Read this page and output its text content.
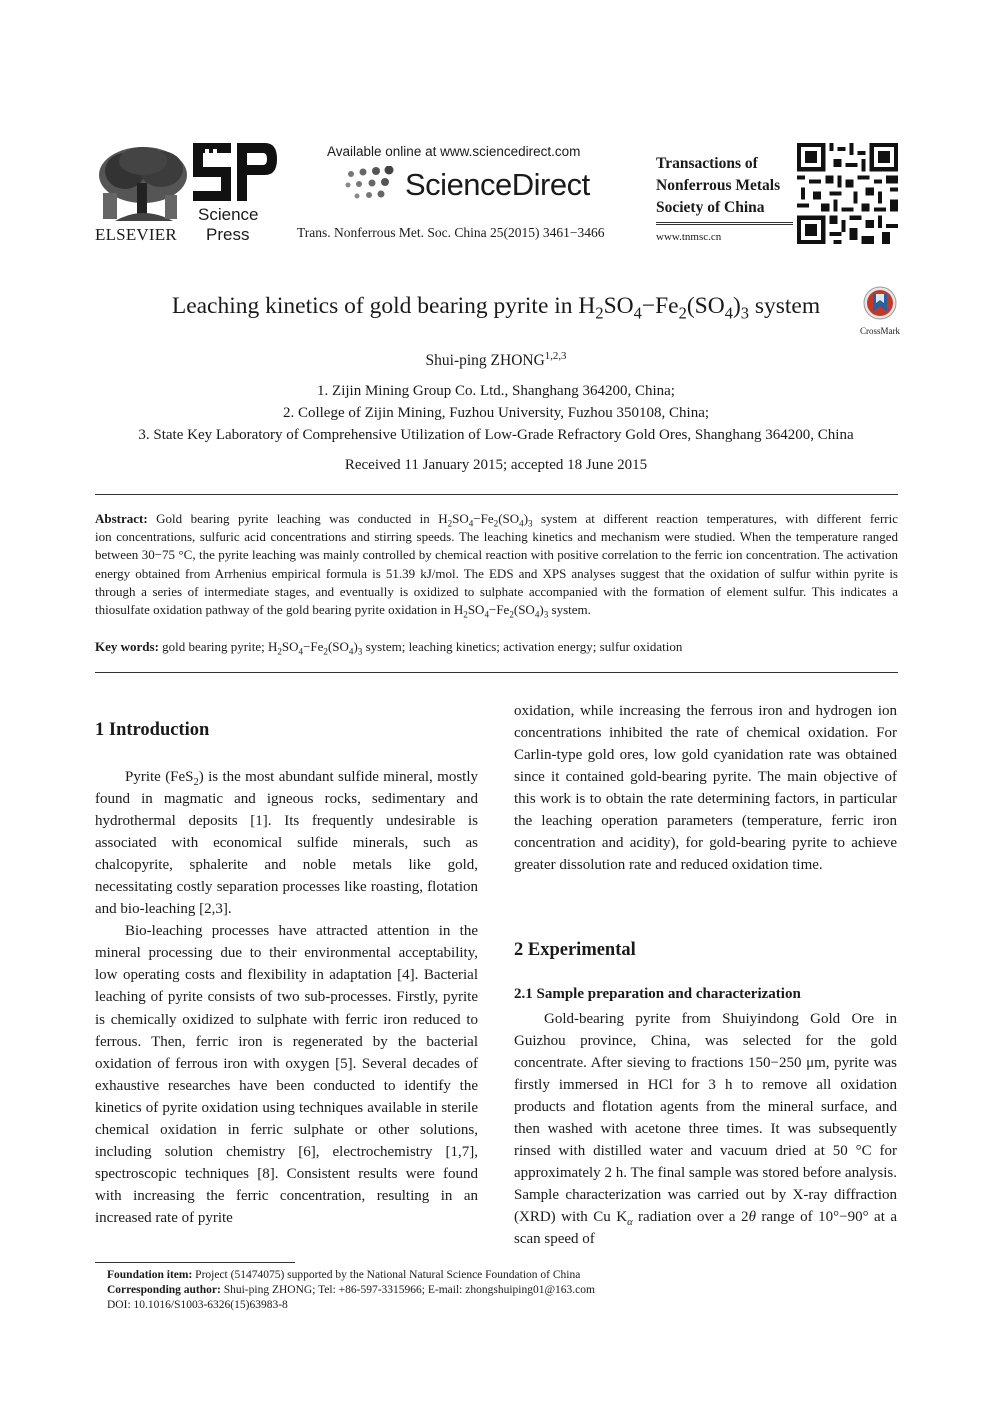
ELSEVIER
Science
Press
Available online at www.sciencedirect.com
ScienceDirect
Trans. Nonferrous Met. Soc. China 25(2015) 3461−3466
Transactions of
Nonferrous Metals
Society of China
www.tnmsc.cn
Leaching kinetics of gold bearing pyrite in $H_2SO_4-Fe_2(SO_4)_3$ system
CrossMark
Shui-ping ZHONG$^{1,2,3}$
1. Zijin Mining Group Co. Ltd., Shanghang 364200, China;
2. College of Zijin Mining, Fuzhou University, Fuzhou 350108, China;
3. State Key Laboratory of Comprehensive Utilization of Low-Grade Refractory Gold Ores, Shanghang 364200, China
Received 11 January 2015; accepted 18 June 2015
Abstract: Gold bearing pyrite leaching was conducted in $H_2SO_4-Fe_2(SO_4)_3$ system at different reaction temperatures, with different ferric ion concentrations, sulfuric acid concentrations and stirring speeds. The leaching kinetics and mechanism were studied. When the temperature ranged between 30−75 °C, the pyrite leaching was mainly controlled by chemical reaction with positive correlation to the ferric ion concentration. The activation energy obtained from Arrhenius empirical formula is 51.39 kJ/mol. The EDS and XPS analyses suggest that the oxidation of sulfur within pyrite is through a series of intermediate stages, and eventually is oxidized to sulphate accompanied with the formation of element sulfur. This indicates a thiosulfate oxidation pathway of the gold bearing pyrite oxidation in $H_2SO_4-Fe_2(SO_4)_3$ system.
Key words: gold bearing pyrite; $H_2SO_4-Fe_2(SO_4)_3$ system; leaching kinetics; activation energy; sulfur oxidation
1 Introduction

Pyrite (FeS$_2$) is the most abundant sulfide mineral, mostly found in magmatic and igneous rocks, sedimentary and hydrothermal deposits [1]. Its frequently undesirable is associated with economical sulfide minerals, such as chalcopyrite, sphalerite and noble metals like gold, necessitating costly separation processes like roasting, flotation and bio-leaching [2,3].

Bio-leaching processes have attracted attention in the mineral processing due to their environmental acceptability, low operating costs and flexibility in adaptation [4]. Bacterial leaching of pyrite consists of two sub-processes. Firstly, pyrite is chemically oxidized to sulphate with ferric iron reduced to ferrous. Then, ferric iron is regenerated by the bacterial oxidation of ferrous iron with oxygen [5]. Several decades of exhaustive researches have been conducted to identify the kinetics of pyrite oxidation using techniques available in sterile chemical oxidation in ferric sulphate or other solutions, including solution chemistry [6], electrochemistry [1,7], spectroscopic techniques [8]. Consistent results were found with increasing the ferric concentration, resulting in an increased rate of pyrite

oxidation, while increasing the ferrous iron and hydrogen ion concentrations inhibited the rate of chemical oxidation. For Carlin-type gold ores, low gold cyanidation rate was obtained since it contained gold-bearing pyrite. The main objective of this work is to obtain the rate determining factors, in particular the leaching operation parameters (temperature, ferric iron concentration and acidity), for gold-bearing pyrite to achieve greater dissolution rate and reduced oxidation time.

2 Experimental
2.1 Sample preparation and characterization

Gold-bearing pyrite from Shuiyindong Gold Ore in Guizhou province, China, was selected for the gold concentrate. After sieving to fractions 150−250 μm, pyrite was firstly immersed in HCl for 3 h to remove all oxidation products and flotation agents from the mineral surface, and then washed with acetone three times. It was subsequently rinsed with distilled water and vacuum dried at 50 °C for approximately 2 h. The final sample was stored before analysis. Sample characterization was carried out by X-ray diffraction (XRD) with Cu $K_\alpha$ radiation over a 2θ range of 10°−90° at a scan speed of

Foundation item: Project (51474075) supported by the National Natural Science Foundation of China
Corresponding author: Shui-ping ZHONG; Tel: +86-597-3315966; E-mail: zhongshuiping01@163.com
DOI: 10.1016/S1003-6326(15)63983-8
